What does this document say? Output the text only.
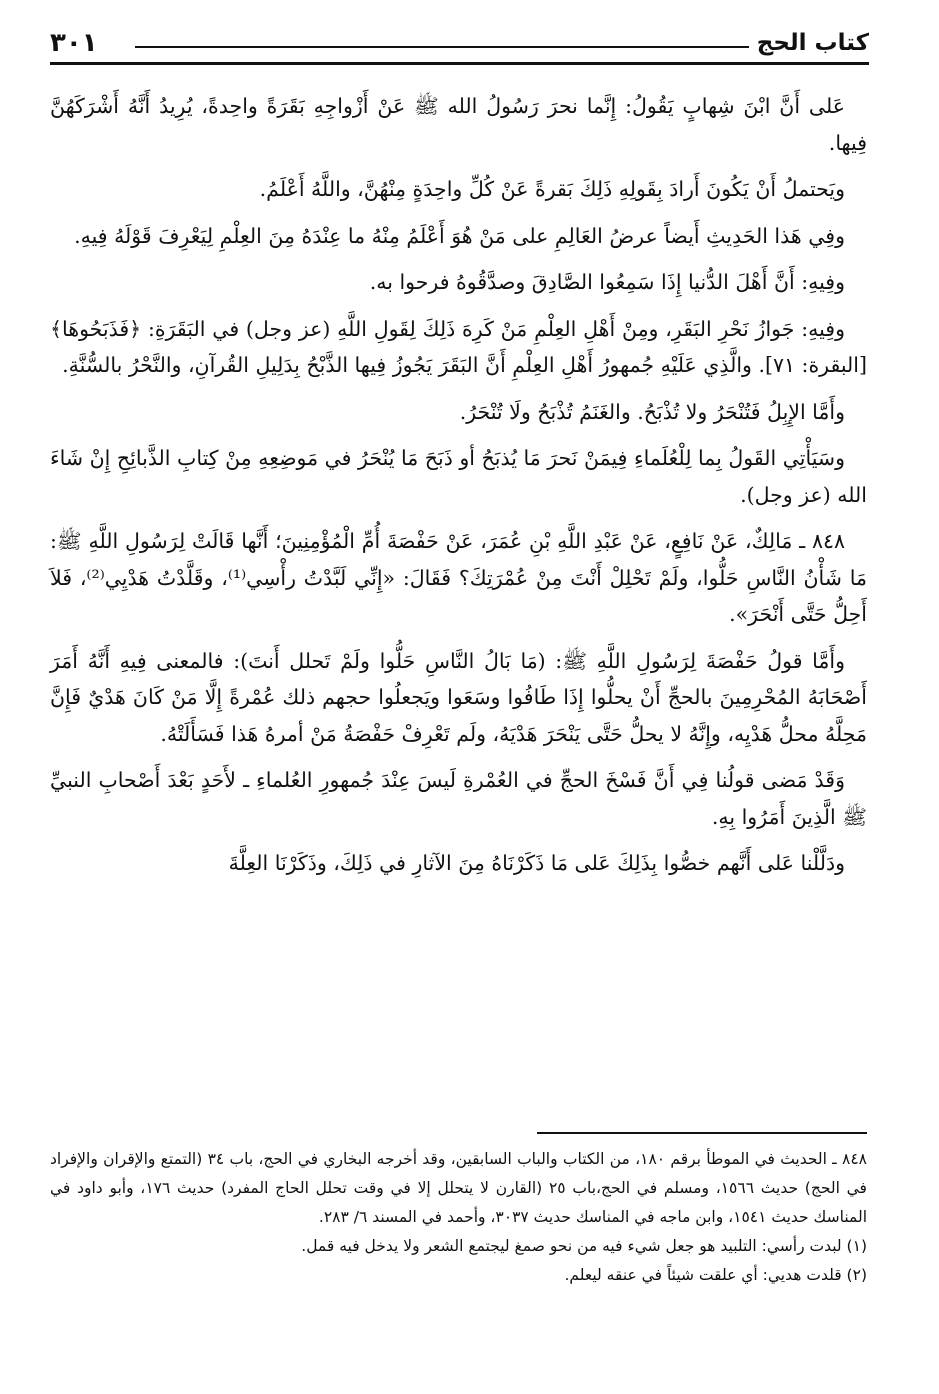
كتاب الحج
٣٠١

عَلى أَنَّ ابْنَ شِهابٍ يَقُولُ: إِنَّما نحرَ رَسُولُ الله ﷺ عَنْ أَزْواجِهِ بَقَرَةً واحِدةً، يُرِيدُ أَنَّهُ أَشْرَكَهُنَّ فِيها.

ويَحتملُ أَنْ يَكُونَ أَرادَ بِقَولِهِ ذَلِكَ بَقرةً عَنْ كُلِّ واحِدَةٍ مِنْهُنَّ، واللَّهُ أَعْلَمُ.

وفِي هَذا الحَدِيثِ أَيضاً عرضُ العَالِمِ على مَنْ هُوَ أَعْلَمُ مِنْهُ ما عِنْدَهُ مِنَ العِلْمِ لِيَعْرِفَ قَوْلَهُ فِيهِ.

وفِيهِ: أَنَّ أَهْلَ الدُّنيا إِذَا سَمِعُوا الصَّادِقَ وصدَّقُوهُ فرحوا به.

وفِيهِ: جَوازُ نَحْرِ البَقَرِ، ومِنْ أَهْلِ العِلْمِ مَنْ كَرِهَ ذَلِكَ لِقَولِ اللَّهِ (عز وجل) في البَقَرَةِ: ﴿فَذَبَحُوهَا﴾ [البقرة: ٧١]. والَّذِي عَلَيْهِ جُمهورُ أَهْلِ العِلْمِ أَنَّ البَقَرَ يَجُوزُ فِيها الذَّبْحُ بِدَلِيلِ القُرآنِ، والنَّحْرُ بالسُّنَّةِ.

وأَمَّا الإِبِلُ فَتُنْحَرُ ولا تُذْبَحُ. والغَنَمُ تُذْبَحُ ولَا تُنْحَرُ.

وسَيَأْتِي القَولُ بِما لِلْعُلَماءِ فِيمَنْ نَحرَ مَا يُذبَحُ أو ذَبَحَ مَا يُنْحَرُ في مَوضِعِهِ مِنْ كِتابِ الذَّبائِحِ إِنْ شَاءَ الله (عز وجل).

٨٤٨ ـ مَالِكٌ، عَنْ نَافِعٍ، عَنْ عَبْدِ اللَّهِ بْنِ عُمَرَ، عَنْ حَفْصَةَ أُمِّ الْمُؤْمِنِينَ؛ أَنَّها قَالَتْ لِرَسُولِ اللَّهِ ﷺ: مَا شَأْنُ النَّاسِ حَلُّوا، ولَمْ تَحْلِلْ أَنْتَ مِنْ عُمْرَتِكَ؟ فَقَالَ: «إِنِّي لَبَّدْتُ رأْسِي⁽¹⁾، وقَلَّدْتُ هَدْيِي⁽²⁾، فَلاَ أَحِلُّ حَتَّى أَنْحَرَ».

وأَمَّا قولُ حَفْصَةَ لِرَسُولِ اللَّهِ ﷺ: (مَا بَالُ النَّاسِ حَلُّوا ولَمْ تَحلل أَنتَ): فالمعنى فِيهِ أَنَّهُ أَمَرَ أَصْحَابَهُ المُحْرِمِينَ بالحجِّ أَنْ يحلُّوا إِذَا طَافُوا وسَعَوا ويَجعلُوا حجهم ذلك عُمْرةً إِلَّا مَنْ كَانَ هَدْيٌ فَإِنَّ مَحِلَّهُ محلُّ هَدْيِه، وإِنَّهُ لا يحلُّ حَتَّى يَنْحَرَ هَدْيَهُ، ولَم تَعْرِفْ حَفْصَةُ مَنْ أمرهُ هَذا فَسَأَلَتْهُ.

وَقَدْ مَضى قولُنا فِي أَنَّ فَسْخَ الحجِّ في العُمْرةِ لَيسَ عِنْدَ جُمهورِ العُلماءِ ـ لأَحَدٍ بَعْدَ أَصْحابِ النبيِّ ﷺ الَّذِينَ أَمَرُوا بِهِ.

ودَلَّلْنا عَلى أَنَّهم خصُّوا بِذَلِكَ عَلى مَا ذَكَرْنَاهُ مِنَ الآثارِ في ذَلِكَ، وذَكَرْنَا العِلَّةَ

٨٤٨ ـ الحديث في الموطأ برقم ١٨٠، من الكتاب والباب السابقين، وقد أخرجه البخاري في الحج، باب ٣٤ (التمتع والإقران والإفراد في الحج) حديث ١٥٦٦، ومسلم في الحج،باب ٢٥ (القارن لا يتحلل إلا في وقت تحلل الحاج المفرد) حديث ١٧٦، وأبو داود في المناسك حديث ١٥٤١، وابن ماجه في المناسك حديث ٣٠٣٧، وأحمد في المسند ٦/ ٢٨٣.

(١) لبدت رأسي: التلبيد هو جعل شيء فيه من نحو صمغ ليجتمع الشعر ولا يدخل فيه قمل.

(٢) قلدت هديي: أي علقت شيئاً في عنقه ليعلم.
